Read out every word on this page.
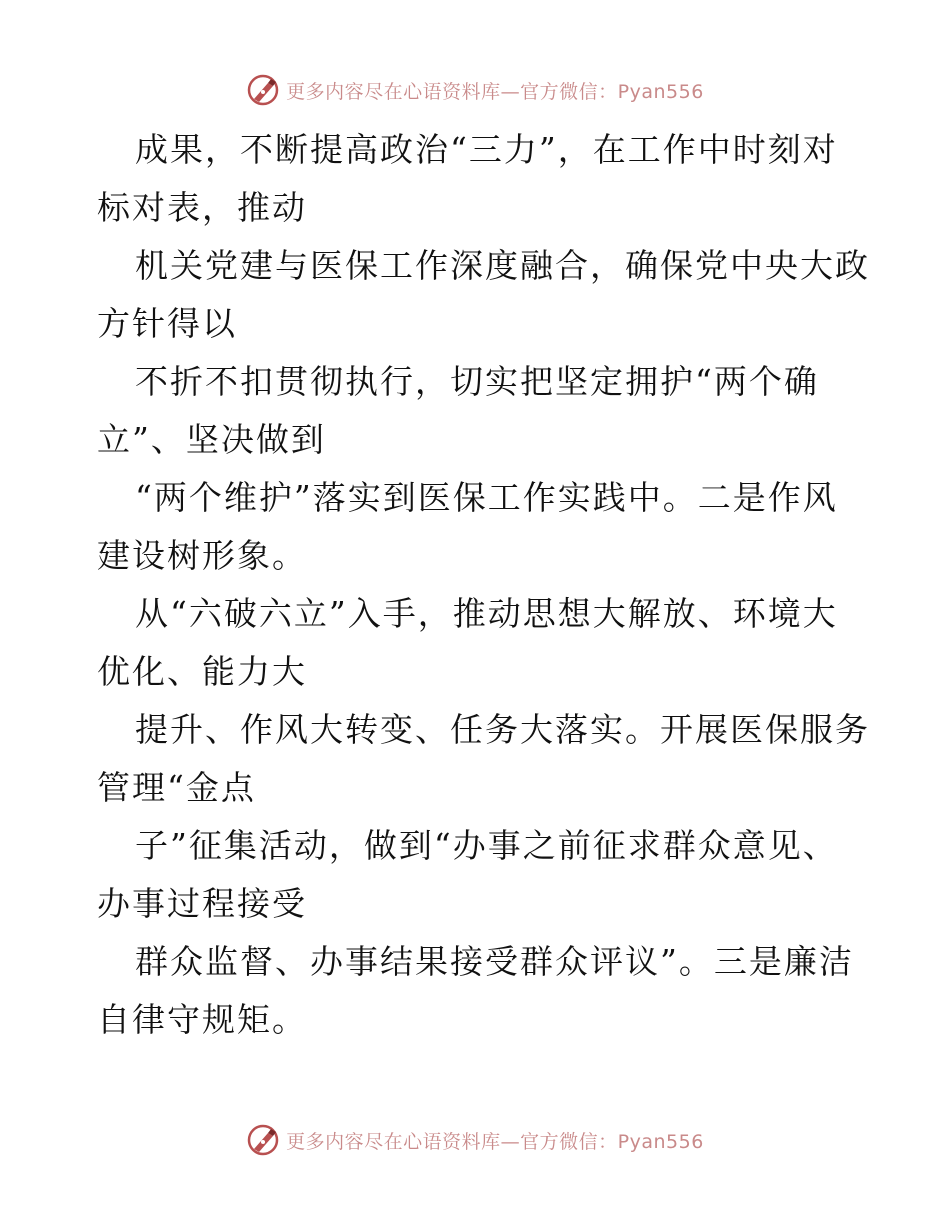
更多内容尽在心语资料库—官方微信：Pyan556
成果，不断提高政治“三力”，在工作中时刻对
标对表，推动
机关党建与医保工作深度融合，确保党中央大政
方针得以
不折不扣贯彻执行，切实把坚定拥护“两个确
立”、坚决做到
“两个维护”落实到医保工作实践中。二是作风
建设树形象。
从“六破六立”入手，推动思想大解放、环境大
优化、能力大
提升、作风大转变、任务大落实。开展医保服务
管理“金点
子”征集活动，做到“办事之前征求群众意见、
办事过程接受
群众监督、办事结果接受群众评议”。三是廉洁
自律守规矩。
更多内容尽在心语资料库—官方微信：Pyan556
